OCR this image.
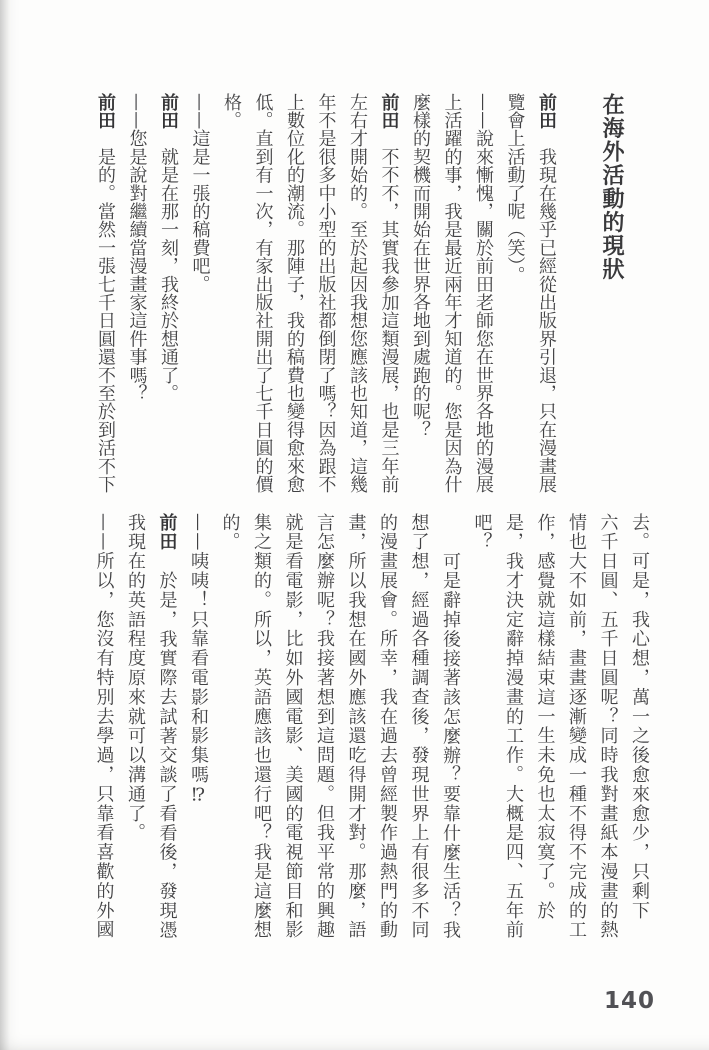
在海外活動的現狀
前田　我現在幾乎已經從出版界引退，只在漫畫展
覽會上活動了呢（笑）。
——說來慚愧，關於前田老師您在世界各地的漫展
上活躍的事，我是最近兩年才知道的。您是因為什
麼樣的契機而開始在世界各地到處跑的呢？
前田　不不不，其實我參加這類漫展，也是三年前
左右才開始的。至於起因我想您應該也知道，這幾
年不是很多中小型的出版社都倒閉了嗎？因為跟不
上數位化的潮流。那陣子，我的稿費也變得愈來愈
低。直到有一次，有家出版社開出了七千日圓的價
格。
——這是一張的稿費吧。
前田　就是在那一刻，我終於想通了。
——您是說對繼續當漫畫家這件事嗎？
前田　是的。當然一張七千日圓還不至於到活不下
去。可是，我心想，萬一之後愈來愈少，只剩下
六千日圓、五千日圓呢？同時我對畫紙本漫畫的熱
情也大不如前，畫畫逐漸變成一種不得不完成的工
作，感覺就這樣結束這一生未免也太寂寞了。於
是，我才決定辭掉漫畫的工作。大概是四、五年前
吧？
可是辭掉後接著該怎麼辦？要靠什麼生活？我
想了想，經過各種調查後，發現世界上有很多不同
的漫畫展會。所幸，我在過去曾經製作過熱門的動
畫，所以我想在國外應該還吃得開才對。那麼，語
言怎麼辦呢？我接著想到這問題。但我平常的興趣
就是看電影，比如外國電影、美國的電視節目和影
集之類的。所以，英語應該也還行吧？我是這麼想
的。
——咦咦！只靠看電影和影集嗎⁉
前田　於是，我實際去試著交談了看看後，發現憑
我現在的英語程度原來就可以溝通了。
——所以，您沒有特別去學過，只靠看喜歡的外國
140
